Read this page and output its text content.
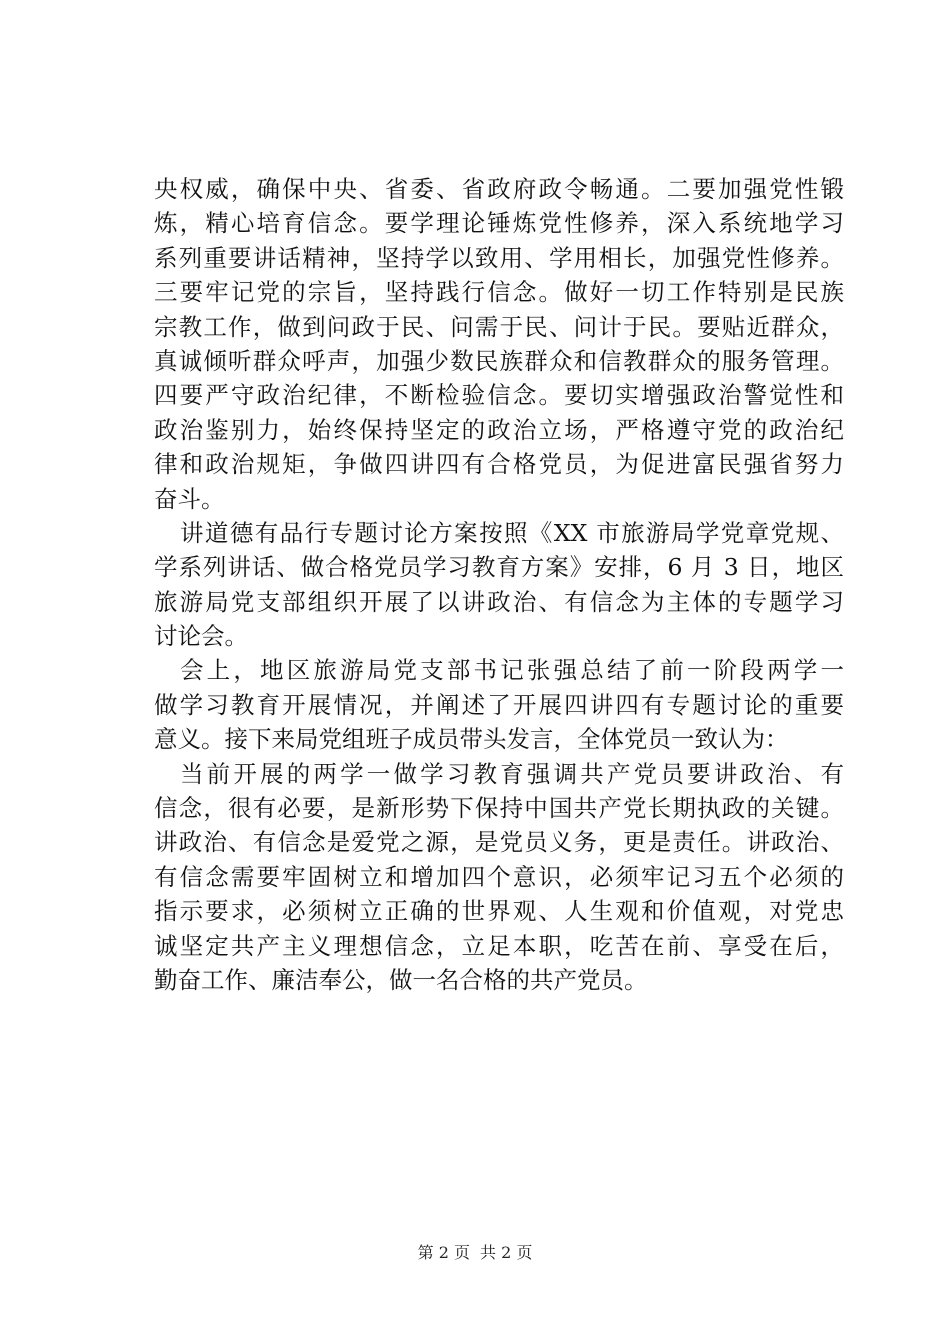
央权威，确保中央、省委、省政府政令畅通。二要加强党性锻
炼，精心培育信念。要学理论锤炼党性修养，深入系统地学习
系列重要讲话精神，坚持学以致用、学用相长，加强党性修养。
三要牢记党的宗旨，坚持践行信念。做好一切工作特别是民族
宗教工作，做到问政于民、问需于民、问计于民。要贴近群众，
真诚倾听群众呼声，加强少数民族群众和信教群众的服务管理。
四要严守政治纪律，不断检验信念。要切实增强政治警觉性和
政治鉴别力，始终保持坚定的政治立场，严格遵守党的政治纪
律和政治规矩，争做四讲四有合格党员，为促进富民强省努力
奋斗。
讲道德有品行专题讨论方案按照《XX 市旅游局学党章党规、
学系列讲话、做合格党员学习教育方案》安排，6 月 3 日，地区
旅游局党支部组织开展了以讲政治、有信念为主体的专题学习
讨论会。
会上，地区旅游局党支部书记张强总结了前一阶段两学一
做学习教育开展情况，并阐述了开展四讲四有专题讨论的重要
意义。接下来局党组班子成员带头发言，全体党员一致认为：
当前开展的两学一做学习教育强调共产党员要讲政治、有
信念，很有必要，是新形势下保持中国共产党长期执政的关键。
讲政治、有信念是爱党之源，是党员义务，更是责任。讲政治、
有信念需要牢固树立和增加四个意识，必须牢记习五个必须的
指示要求，必须树立正确的世界观、人生观和价值观，对党忠
诚坚定共产主义理想信念，立足本职，吃苦在前、享受在后，
勤奋工作、廉洁奉公，做一名合格的共产党员。
第 2 页 共 2 页
